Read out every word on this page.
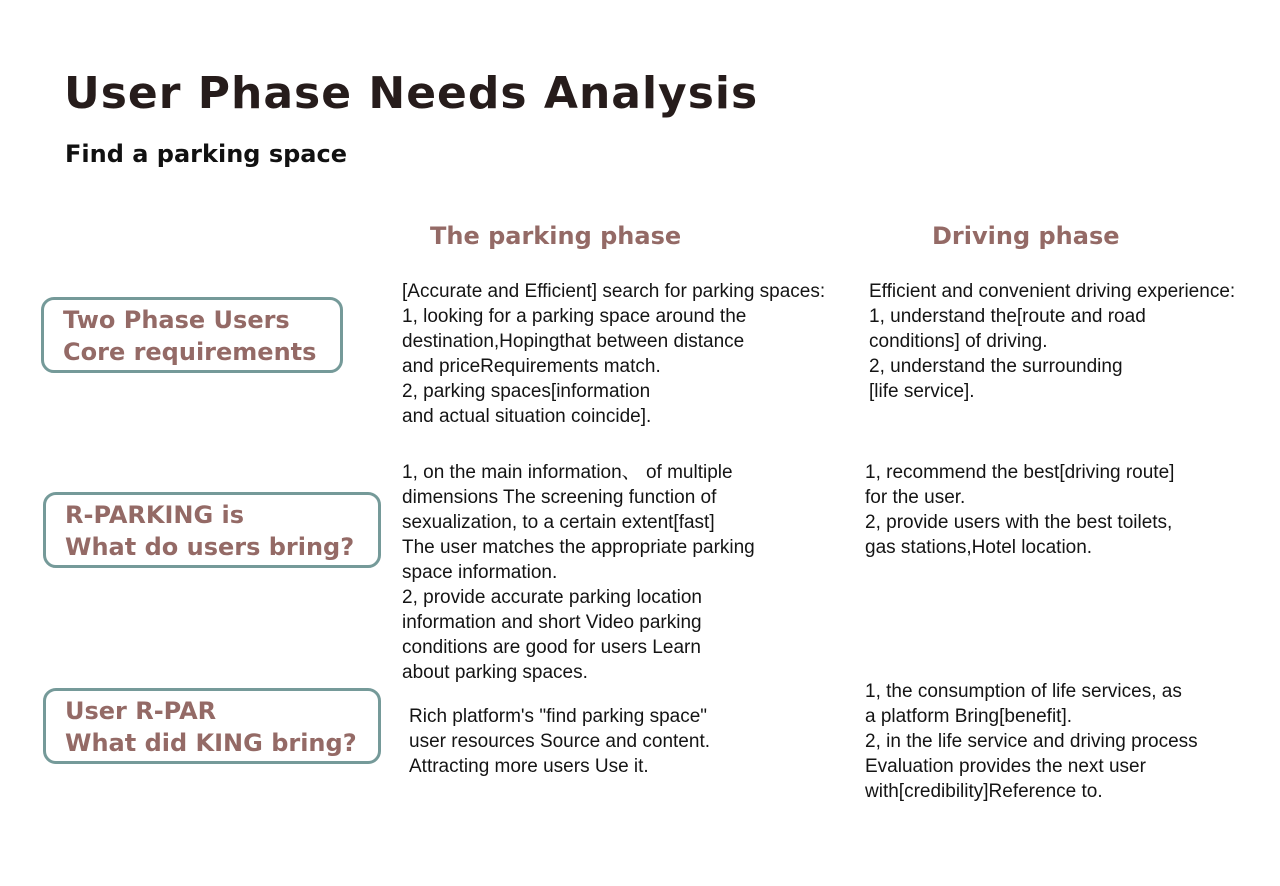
User Phase Needs Analysis
Find a parking space
The parking phase	Driving phase
Two Phase Users
Core requirements
[Accurate and Efficient] search for parking spaces:
1, looking for a parking space around the
destination,Hopingthat between distance
and priceRequirements match.
2, parking spaces[information
and actual situation coincide].
Efficient and convenient driving experience:
1, understand the[route and road
conditions] of driving.
2, understand the surrounding
[life service].
R-PARKING is
What do users bring?
1, on the main information、 of multiple
dimensions The screening function of
sexualization, to a certain extent[fast]
The user matches the appropriate parking
space information.
2, provide accurate parking location
information and short Video parking
conditions are good for users Learn
about parking spaces.
1, recommend the best[driving route]
for the user.
2, provide users with the best toilets,
gas stations,Hotel location.
User R-PAR
What did KING bring?
Rich platform's "find parking space"
user resources Source and content.
Attracting more users Use it.
1, the consumption of life services, as
a platform Bring[benefit].
2, in the life service and driving process
Evaluation provides the next user
with[credibility]Reference to.
